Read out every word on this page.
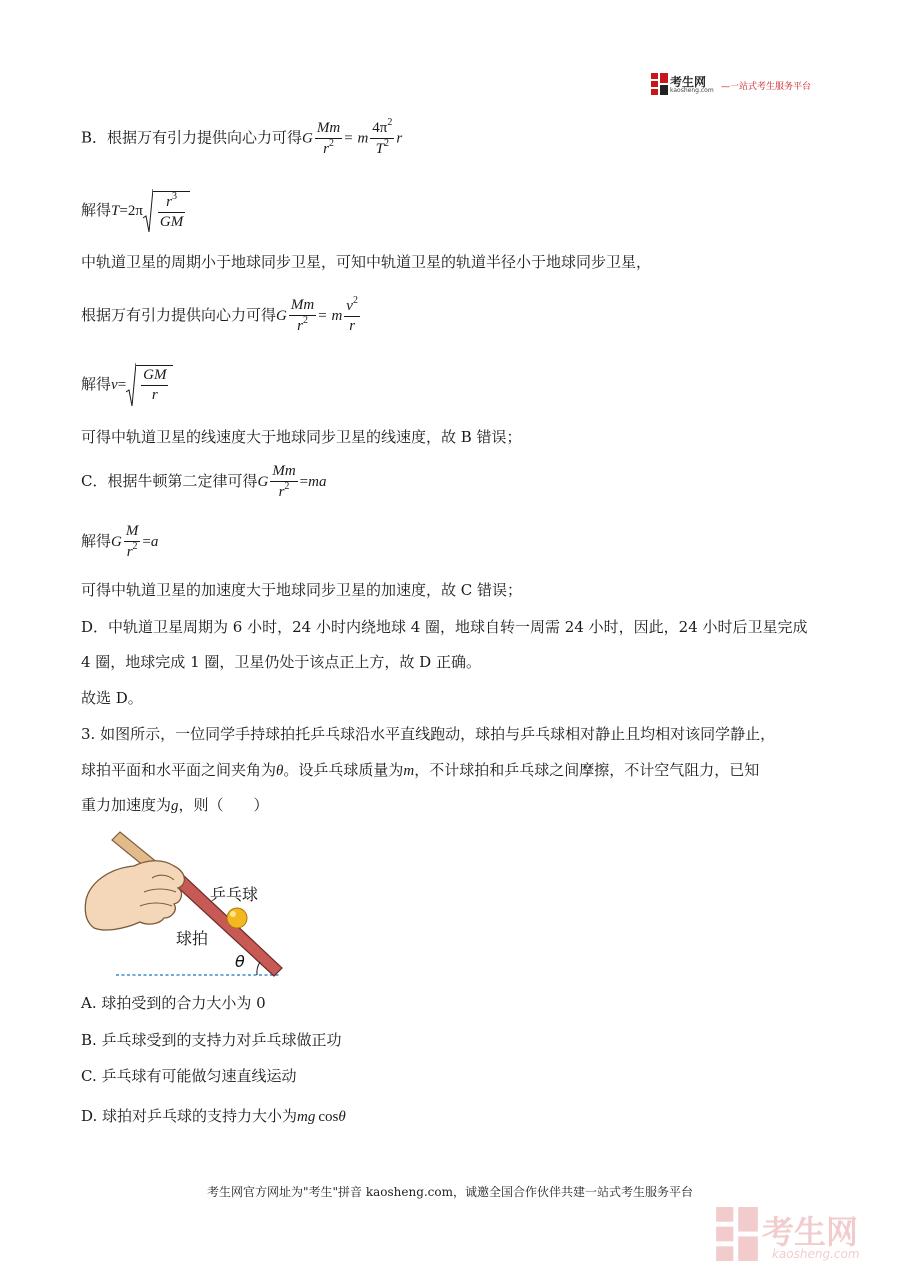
考生网
kaosheng.com —一站式考生服务平台
B．根据万有引力提供向心力可得G $\frac{Mm}{r^2} = m \frac{4\pi^2}{T^2}$ r
解得$T=2\pi \frac{r^3}{GM}$
中轨道卫星的周期小于地球同步卫星，可知中轨道卫星的轨道半径小于地球同步卫星，
根据万有引力提供向心力可得G $\frac{Mm}{r^2} = m \frac{v^2}{r}$
解得$v= \frac{GM}{r}$
可得中轨道卫星的线速度大于地球同步卫星的线速度，故 B 错误；
C．根据牛顿第二定律可得G $\frac{Mm}{r^2} =ma$
解得G $\frac{M}{r^2} =a$
可得中轨道卫星的加速度大于地球同步卫星的加速度，故 C 错误；
D．中轨道卫星周期为 6 小时，24 小时内绕地球 4 圈，地球自转一周需 24 小时，因此，24 小时后卫星完成
4 圈，地球完成 1 圈，卫星仍处于该点正上方，故 D 正确。
故选 D。
3. 如图所示，一位同学手持球拍托乒乓球沿水平直线跑动，球拍与乒乓球相对静止且均相对该同学静止，
球拍平面和水平面之间夹角为θ。设乒乓球质量为m，不计球拍和乒乓球之间摩擦，不计空气阻力，已知
重力加速度为g，则（　　）
乒乓球
球拍
θ
A. 球拍受到的合力大小为 0
B. 乒乓球受到的支持力对乒乓球做正功
C. 乒乓球有可能做匀速直线运动
D. 球拍对乒乓球的支持力大小为mg  cosθ
考生网官方网址为"考生"拼音 kaosheng.com，诚邀全国合作伙伴共建一站式考生服务平台
考生网
kaosheng.com
